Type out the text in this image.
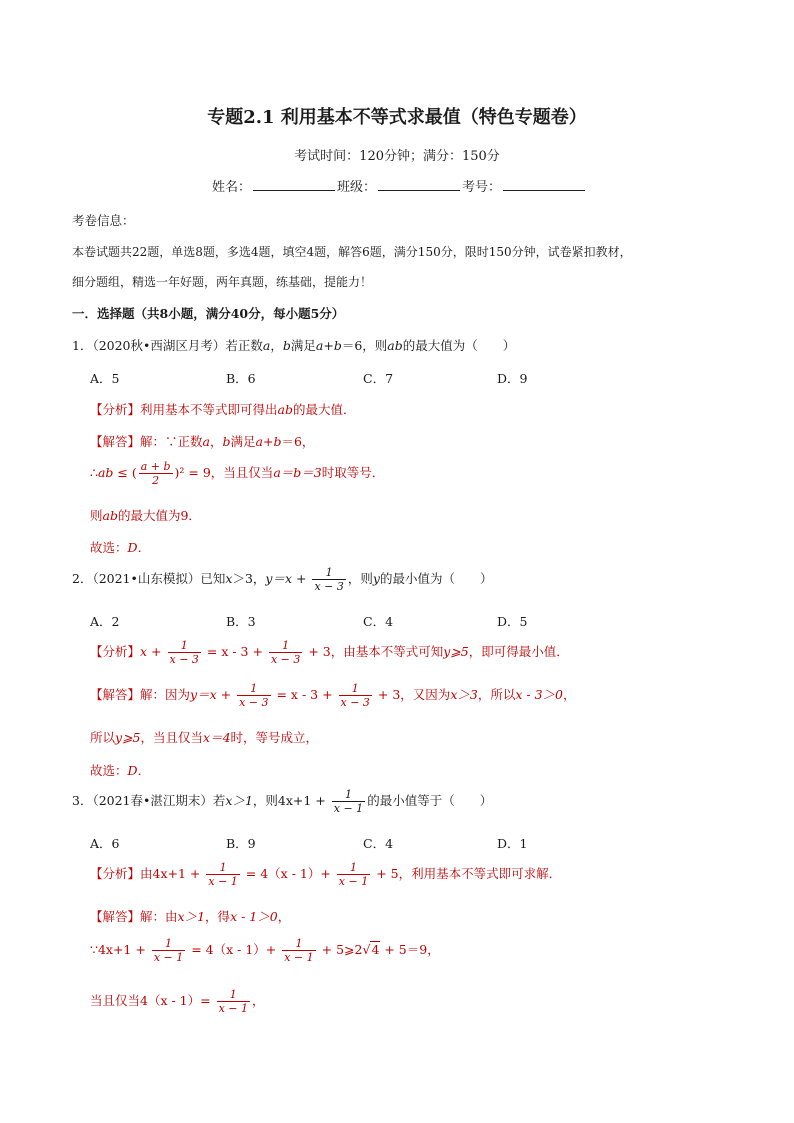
专题2.1 利用基本不等式求最值（特色专题卷）
考试时间：120分钟；满分：150分
姓名：	班级：	考号：
考卷信息：
本卷试题共22题，单选8题，多选4题，填空4题，解答6题，满分150分，限时150分钟，试卷紧扣教材，
细分题组，精选一年好题，两年真题，练基础，提能力！
一．选择题（共8小题，满分40分，每小题5分）
1．（2020秋•西湖区月考）若正数a，b满足a+b＝6，则ab的最大值为（　　）
A．5	B．6	C．7	D．9
【分析】利用基本不等式即可得出ab的最大值．
【解答】解：∵正数a，b满足a+b＝6，
∴ab ≤ ( $\frac{a + b}{2} )^2 = 9$，当且仅当a＝b＝3时取等号．
则ab的最大值为9．
故选：D．
2．（2021•山东模拟）已知x＞3，$y=x + \frac{1}{x - 3}$ ，则y的最小值为（　　）
A．2	B．3	C．4	D．5
【分析】$x + \frac{1}{x - 3} = x - 3 + \frac{1}{x - 3} + 3$，由基本不等式可知y⩾5，即可得最小值．
【解答】解：因为$y=x + \frac{1}{x - 3} = x - 3 + \frac{1}{x - 3} + 3$，又因为x＞3，所以x - 3＞0，
所以y⩾5，当且仅当x＝4时，等号成立，
故选：D．
3．（2021春•湛江期末）若x＞1，则$4x+1 + \frac{1}{x - 1}$ 的最小值等于（　　）
A．6	B．9	C．4	D．1
【分析】由$4x+1 + \frac{1}{x - 1} = 4(x - 1)+ \frac{1}{x - 1} + 5$，利用基本不等式即可求解．
【解答】解：由x＞1，得x - 1＞0，
∵4x+1 + $\frac{1}{x - 1} = 4(x - 1)+ \frac{1}{x - 1}$ + 5⩾2√4 + 5＝9，
当且仅当$4(x - 1)= \frac{1}{x - 1}$ ，
